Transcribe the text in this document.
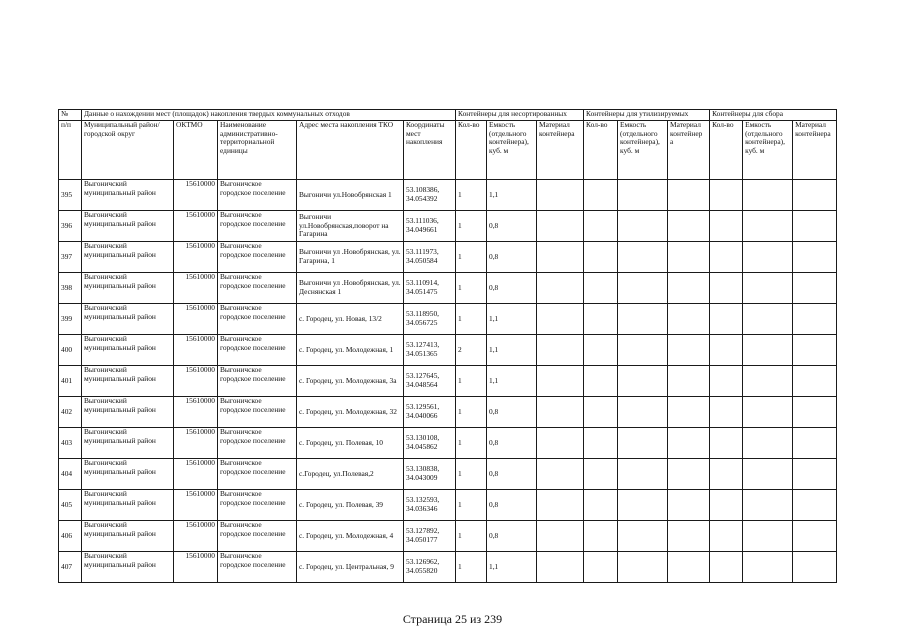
№	Данные о нахождении мест (площадок) накопления твердых коммунальных отходов					Контейнеры для несортированных			Контейнеры для утилизируемых			Контейнеры для сбора		
п/п	Муниципальный район/городской округ	ОКТМО	Наименование административно-территориальной единицы	Адрес места накопления ТКО	Координаты мест накопления	Кол-во	Емкость (отдельного контейнера), куб. м	Материал контейнера	Кол-во	Емкость (отдельного контейнера), куб. м	Материал контейнер а	Кол-во	Емкость (отдельного контейнера), куб. м	Материал контейнера
395	Выгоничский муниципальный район	15610000	Выгоничское городское поселение	Выгоничи ул.Новобрянская 1	53.108386, 34.054392	1	1,1							
396	Выгоничский муниципальный район	15610000	Выгоничское городское поселение	Выгоничи ул.Новобрянская,поворот на Гагарина	53.111036, 34.049661	1	0,8							
397	Выгоничский муниципальный район	15610000	Выгоничское городское поселение	Выгоничи ул .Новобрянская, ул. Гагарина, 1	53.111973, 34.050584	1	0,8							
398	Выгоничский муниципальный район	15610000	Выгоничское городское поселение	Выгоничи ул .Новобрянская, ул. Деснянская 1	53.110914, 34.051475	1	0,8							
399	Выгоничский муниципальный район	15610000	Выгоничское городское поселение	с. Городец, ул. Новая, 13/2	53.118950, 34.056725	1	1,1							
400	Выгоничский муниципальный район	15610000	Выгоничское городское поселение	с. Городец, ул. Молодежная, 1	53.127413, 34.051365	2	1,1							
401	Выгоничский муниципальный район	15610000	Выгоничское городское поселение	с. Городец, ул. Молодежная, 3а	53.127645, 34.048564	1	1,1							
402	Выгоничский муниципальный район	15610000	Выгоничское городское поселение	с. Городец, ул. Молодежная, 32	53.129561, 34.040066	1	0,8							
403	Выгоничский муниципальный район	15610000	Выгоничское городское поселение	с. Городец, ул. Полевая, 10	53.130108, 34.045862	1	0,8							
404	Выгоничский муниципальный район	15610000	Выгоничское городское поселение	с.Городец, ул.Полевая,2	53.130838, 34.043009	1	0,8							
405	Выгоничский муниципальный район	15610000	Выгоничское городское поселение	с. Городец, ул. Полевая, 39	53.132593, 34.036346	1	0,8							
406	Выгоничский муниципальный район	15610000	Выгоничское городское поселение	с. Городец, ул. Молодежная, 4	53.127892, 34.050177	1	0,8							
407	Выгоничский муниципальный район	15610000	Выгоничское городское поселение	с. Городец, ул. Центральная, 9	53.126962, 34.055820	1	1,1							
Страница 25 из 239
